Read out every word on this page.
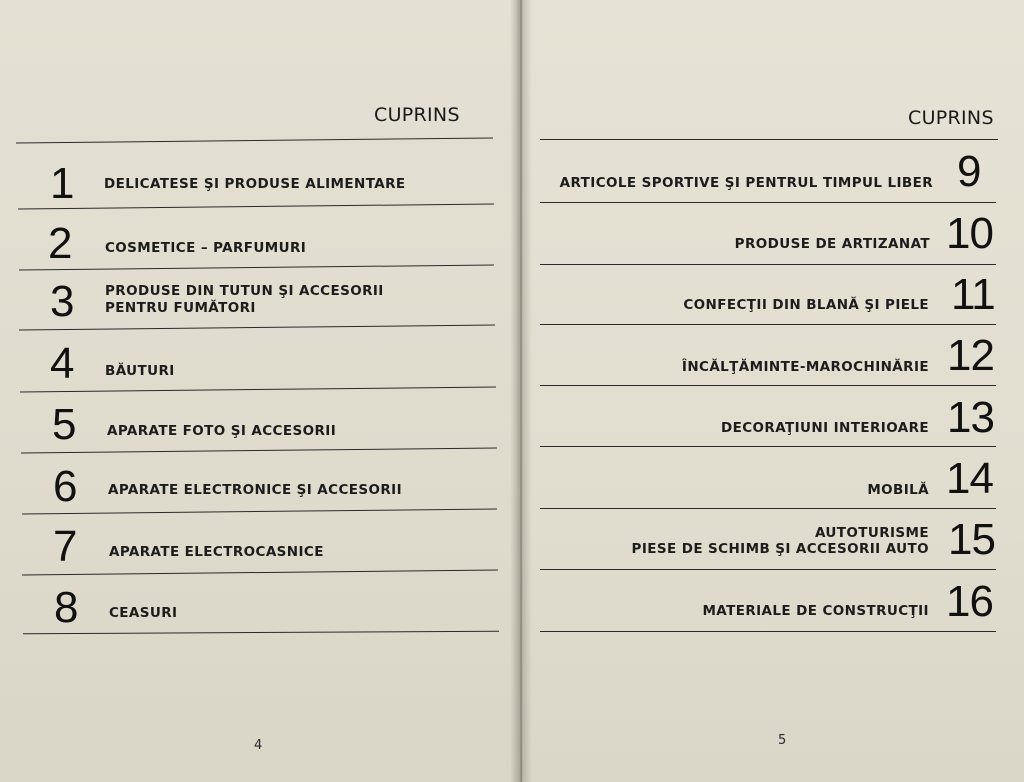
CUPRINS
1 DELICATESE ŞI PRODUSE ALIMENTARE
2 COSMETICE – PARFUMURI
3 PRODUSE DIN TUTUN ŞI ACCESORII
PENTRU FUMĂTORI
4 BĂUTURI
5 APARATE FOTO ŞI ACCESORII
6 APARATE ELECTRONICE ŞI ACCESORII
7 APARATE ELECTROCASNICE
8 CEASURI
4
CUPRINS
ARTICOLE SPORTIVE ŞI PENTRUL TIMPUL LIBER 9
PRODUSE DE ARTIZANAT 10
CONFECŢII DIN BLANĂ ŞI PIELE 11
ÎNCĂLŢĂMINTE-MAROCHINĂRIE 12
DECORAŢIUNI INTERIOARE 13
MOBILĂ 14
AUTOTURISME
PIESE DE SCHIMB ŞI ACCESORII AUTO 15
MATERIALE DE CONSTRUCŢII 16
5
